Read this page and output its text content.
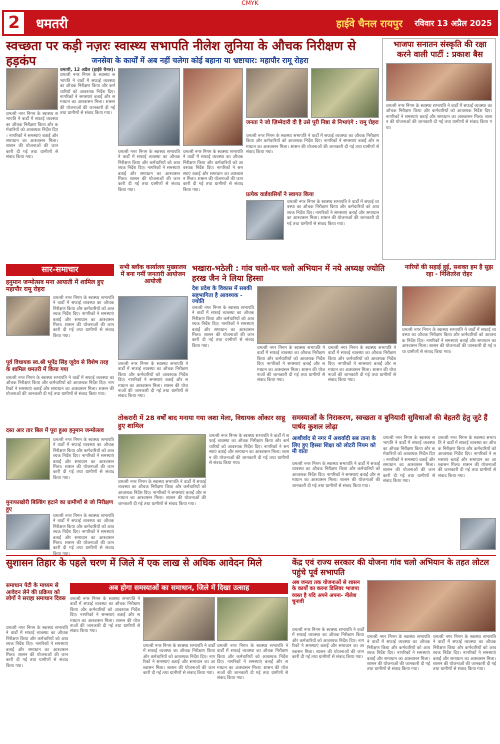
CMYK
2	धमतरी	हाईवे चैनल रायपुर रविवार 13 अप्रैल 2025
स्वच्छता पर कड़ी नज़रः स्वास्थ्य सभापति नीलेश लुनिया के औचक निरीक्षण से हड़कंप	जनसेवा के कार्यों में अब नहीं चलेगा कोई बहाना या भ्रष्टाचार: महापौर रामू रोहरा
धमतरी, 12 अप्रैल (हाईवे चैनल)। धमतरी नगर निगम के स्वास्थ्य सभापति ने वार्डों में सफाई व्यवस्था का औचक निरीक्षण किया और कर्मचारियों को आवश्यक निर्देश दिए। नागरिकों ने समस्याएं बताईं और समाधान का आश्वासन मिला। शासन की योजनाओं की जानकारी दी गई तथा ग्रामीणों से संवाद किया गया।
धमतरी नगर निगम के स्वास्थ्य सभापति ने वार्डों में सफाई व्यवस्था का औचक निरीक्षण किया और कर्मचारियों को आवश्यक निर्देश दिए। नागरिकों ने समस्याएं बताईं और समाधान का आश्वासन मिला। शासन की योजनाओं की जानकारी दी गई तथा ग्रामीणों से संवाद किया गया।
धमतरी नगर निगम के स्वास्थ्य सभापति ने वार्डों में सफाई व्यवस्था का औचक निरीक्षण किया और कर्मचारियों को आवश्यक निर्देश दिए। नागरिकों ने समस्याएं बताईं और समाधान का आश्वासन मिला। शासन की योजनाओं की जानकारी दी गई तथा ग्रामीणों से संवाद किया गया।
धमतरी नगर निगम के स्वास्थ्य सभापति ने वार्डों में सफाई व्यवस्था का औचक निरीक्षण किया और कर्मचारियों को आवश्यक निर्देश दिए। नागरिकों ने समस्याएं बताईं और समाधान का आश्वासन मिला। शासन की योजनाओं की जानकारी दी गई तथा ग्रामीणों से संवाद किया गया।
जनता ने जो ज़िम्मेदारी दी है उसे पूरी निष्ठा से निभाएंगे : रामू रोहरा
धमतरी नगर निगम के स्वास्थ्य सभापति ने वार्डों में सफाई व्यवस्था का औचक निरीक्षण किया और कर्मचारियों को आवश्यक निर्देश दिए। नागरिकों ने समस्याएं बताईं और समाधान का आश्वासन मिला। शासन की योजनाओं की जानकारी दी गई तथा ग्रामीणों से संवाद किया गया।
प्रत्येक वार्डवासियों ने स्वागत किया
धमतरी नगर निगम के स्वास्थ्य सभापति ने वार्डों में सफाई व्यवस्था का औचक निरीक्षण किया और कर्मचारियों को आवश्यक निर्देश दिए। नागरिकों ने समस्याएं बताईं और समाधान का आश्वासन मिला। शासन की योजनाओं की जानकारी दी गई तथा ग्रामीणों से संवाद किया गया।
भाजपा सनातन संस्कृति की रक्षा करने वाली पार्टी : प्रकाश बैस
धमतरी नगर निगम के स्वास्थ्य सभापति ने वार्डों में सफाई व्यवस्था का औचक निरीक्षण किया और कर्मचारियों को आवश्यक निर्देश दिए। नागरिकों ने समस्याएं बताईं और समाधान का आश्वासन मिला। शासन की योजनाओं की जानकारी दी गई तथा ग्रामीणों से संवाद किया गया।
सार-समाचार
हनुमान जन्मोत्सव मना आयाती में शामिल हुए महापौर रामू रोहरा
धमतरी नगर निगम के स्वास्थ्य सभापति ने वार्डों में सफाई व्यवस्था का औचक निरीक्षण किया और कर्मचारियों को आवश्यक निर्देश दिए। नागरिकों ने समस्याएं बताईं और समाधान का आश्वासन मिला। शासन की योजनाओं की जानकारी दी गई तथा ग्रामीणों से संवाद किया गया।
पूर्व विधायक स्व.श्री भूपेंद्र सिंह जूदेव से विशेष तरह के शामिल धमतरी में किया गया
धमतरी नगर निगम के स्वास्थ्य सभापति ने वार्डों में सफाई व्यवस्था का औचक निरीक्षण किया और कर्मचारियों को आवश्यक निर्देश दिए। नागरिकों ने समस्याएं बताईं और समाधान का आश्वासन मिला। शासन की योजनाओं की जानकारी दी गई तथा ग्रामीणों से संवाद किया गया।
दस्त आर तार बिल में पूरा हुआ हनुमान जन्मोत्सव
धमतरी नगर निगम के स्वास्थ्य सभापति ने वार्डों में सफाई व्यवस्था का औचक निरीक्षण किया और कर्मचारियों को आवश्यक निर्देश दिए। नागरिकों ने समस्याएं बताईं और समाधान का आश्वासन मिला। शासन की योजनाओं की जानकारी दी गई तथा ग्रामीणों से संवाद किया गया।
मुनाफाखोरी बिल्डिंग हटाने का ग्रामीणों से जो निरीक्षण हुए
धमतरी नगर निगम के स्वास्थ्य सभापति ने वार्डों में सफाई व्यवस्था का औचक निरीक्षण किया और कर्मचारियों को आवश्यक निर्देश दिए। नागरिकों ने समस्याएं बताईं और समाधान का आश्वासन मिला। शासन की योजनाओं की जानकारी दी गई तथा ग्रामीणों से संवाद
सभी ब्लॉक कार्यालय मुख्यालय में बना गर्मी जनतारी आयोजन आयोजी
धमतरी नगर निगम के स्वास्थ्य सभापति ने वार्डों में सफाई व्यवस्था का औचक निरीक्षण किया और कर्मचारियों को आवश्यक निर्देश दिए। नागरिकों ने समस्याएं बताईं और समाधान का आश्वासन मिला। शासन की योजनाओं की जानकारी दी गई तथा ग्रामीणों से संवाद किया गया।
भखारा-भठेली : गांव चलो-घर चलो अभियान में नये अध्यक्ष ज्योति हरख जैन ने लिया हिस्सा
देश प्रदेश के विकास में सबकी सहभागिता है आवश्यक - ज्योति
धमतरी नगर निगम के स्वास्थ्य सभापति ने वार्डों में सफाई व्यवस्था का औचक निरीक्षण किया और कर्मचारियों को आवश्यक निर्देश दिए। नागरिकों ने समस्याएं बताईं और समाधान का आश्वासन मिला। शासन की योजनाओं की जानकारी दी गई तथा ग्रामीणों से संवाद किया गया।	धमतरी नगर निगम के स्वास्थ्य सभापति ने वार्डों में सफाई व्यवस्था का औचक निरीक्षण किया और कर्मचारियों को आवश्यक निर्देश दिए। नागरिकों ने समस्याएं बताईं और समाधान का आश्वासन मिला। शासन की योजनाओं की जानकारी दी गई तथा ग्रामीणों से संवाद किया गया।
धमतरी नगर निगम के स्वास्थ्य सभापति ने वार्डों में सफाई व्यवस्था का औचक निरीक्षण किया और कर्मचारियों को आवश्यक निर्देश दिए। नागरिकों ने समस्याएं बताईं और समाधान का आश्वासन मिला। शासन की योजनाओं की जानकारी दी गई तथा ग्रामीणों से संवाद किया गया।
नारियों की सहाई हुई, सशक्त हम है सुझ रहा - निशितरेश रोहर
धमतरी नगर निगम के स्वास्थ्य सभापति ने वार्डों में सफाई व्यवस्था का औचक निरीक्षण किया और कर्मचारियों को आवश्यक निर्देश दिए। नागरिकों ने समस्याएं बताईं और समाधान का आश्वासन मिला। शासन की योजनाओं की जानकारी दी गई तथा ग्रामीणों से संवाद किया गया।
तोकरारी में 28 वर्षों बाद मनाया गया जशा मेला, विधायक ओंकार साहू हुए शामिल
धमतरी नगर निगम के स्वास्थ्य सभापति ने वार्डों में सफाई व्यवस्था का औचक निरीक्षण किया और कर्मचारियों को आवश्यक निर्देश दिए। नागरिकों ने समस्याएं बताईं और समाधान का आश्वासन मिला। शासन की योजनाओं की जानकारी दी गई तथा ग्रामीणों से संवाद किया गया।
धमतरी नगर निगम के स्वास्थ्य सभापति ने वार्डों में सफाई व्यवस्था का औचक निरीक्षण किया और कर्मचारियों को आवश्यक निर्देश दिए। नागरिकों ने समस्याएं बताईं और समाधान का आश्वासन मिला। शासन की योजनाओं की जानकारी दी गई तथा ग्रामीणों से संवाद किया गया।
समस्याओं के निराकरण, स्वच्छता व बुनियादी सुविधाओं की बेहतरी हेतु जुटे हैं पार्षद कुशल लोढ़ा
आशीर्वाद से नगर में अशर्वादी सब ताना के लिए हुए हिस्सा शिक्षा को लोटरी नियम को मी वाता
धमतरी नगर निगम के स्वास्थ्य सभापति ने वार्डों में सफाई व्यवस्था का औचक निरीक्षण किया और कर्मचारियों को आवश्यक निर्देश दिए। नागरिकों ने समस्याएं बताईं और समाधान का आश्वासन मिला। शासन की योजनाओं की जानकारी दी गई तथा ग्रामीणों से संवाद किया गया।
धमतरी नगर निगम के स्वास्थ्य सभापति ने वार्डों में सफाई व्यवस्था का औचक निरीक्षण किया और कर्मचारियों को आवश्यक निर्देश दिए। नागरिकों ने समस्याएं बताईं और समाधान का आश्वासन मिला। शासन की योजनाओं की जानकारी दी गई तथा ग्रामीणों से संवाद किया गया।
धमतरी नगर निगम के स्वास्थ्य सभापति ने वार्डों में सफाई व्यवस्था का औचक निरीक्षण किया और कर्मचारियों को आवश्यक निर्देश दिए। नागरिकों ने समस्याएं बताईं और समाधान का आश्वासन मिला। शासन की योजनाओं की जानकारी दी गई तथा ग्रामीणों से संवाद किया गया।
सुशासन तिहार के पहले चरण में जिले में एक लाख से अधिक आवेदन मिले
अब होगा समस्याओं का समाधान, जिले में दिखा उत्साह
समाधान पेटी के माध्यम से आवेदन लेने की प्रक्रिया को लोगों ने सराहा समाधान दिवस
धमतरी नगर निगम के स्वास्थ्य सभापति ने वार्डों में सफाई व्यवस्था का औचक निरीक्षण किया और कर्मचारियों को आवश्यक निर्देश दिए। नागरिकों ने समस्याएं बताईं और समाधान का आश्वासन मिला। शासन की योजनाओं की जानकारी दी गई तथा ग्रामीणों से संवाद किया गया।
धमतरी नगर निगम के स्वास्थ्य सभापति ने वार्डों में सफाई व्यवस्था का औचक निरीक्षण किया और कर्मचारियों को आवश्यक निर्देश दिए। नागरिकों ने समस्याएं बताईं और समाधान का आश्वासन मिला। शासन की योजनाओं की जानकारी दी गई तथा ग्रामीणों से संवाद किया गया।
धमतरी नगर निगम के स्वास्थ्य सभापति ने वार्डों में सफाई व्यवस्था का औचक निरीक्षण किया और कर्मचारियों को आवश्यक निर्देश दिए। नागरिकों ने समस्याएं बताईं और समाधान का आश्वासन मिला। शासन की योजनाओं की जानकारी दी गई तथा ग्रामीणों से संवाद किया गया।
धमतरी नगर निगम के स्वास्थ्य सभापति ने वार्डों में सफाई व्यवस्था का औचक निरीक्षण किया और कर्मचारियों को आवश्यक निर्देश दिए। नागरिकों ने समस्याएं बताईं और समाधान का आश्वासन मिला। शासन की योजनाओं की जानकारी दी गई तथा ग्रामीणों से संवाद किया गया।
केंद्र एवं राज्य सरकार की योजना गांव चलो अभियान के तहत लोटल पहुंचे पूर्व सभापति
अब जनता तक योजनाओं से शासन के कार्यों का करना डिलिवर भाजपा व्यस्त है यदि अपने अपना- नीलेश चुनावी
धमतरी नगर निगम के स्वास्थ्य सभापति ने वार्डों में सफाई व्यवस्था का औचक निरीक्षण किया और कर्मचारियों को आवश्यक निर्देश दिए। नागरिकों ने समस्याएं बताईं और समाधान का आश्वासन मिला। शासन की योजनाओं की जानकारी दी गई तथा ग्रामीणों से संवाद किया गया।
धमतरी नगर निगम के स्वास्थ्य सभापति ने वार्डों में सफाई व्यवस्था का औचक निरीक्षण किया और कर्मचारियों को आवश्यक निर्देश दिए। नागरिकों ने समस्याएं बताईं और समाधान का आश्वासन मिला। शासन की योजनाओं की जानकारी दी गई तथा ग्रामीणों से संवाद किया गया।
धमतरी नगर निगम के स्वास्थ्य सभापति ने वार्डों में सफाई व्यवस्था का औचक निरीक्षण किया और कर्मचारियों को आवश्यक निर्देश दिए। नागरिकों ने समस्याएं बताईं और समाधान का आश्वासन मिला। शासन की योजनाओं की जानकारी दी गई तथा ग्रामीणों से संवाद किया गया।
